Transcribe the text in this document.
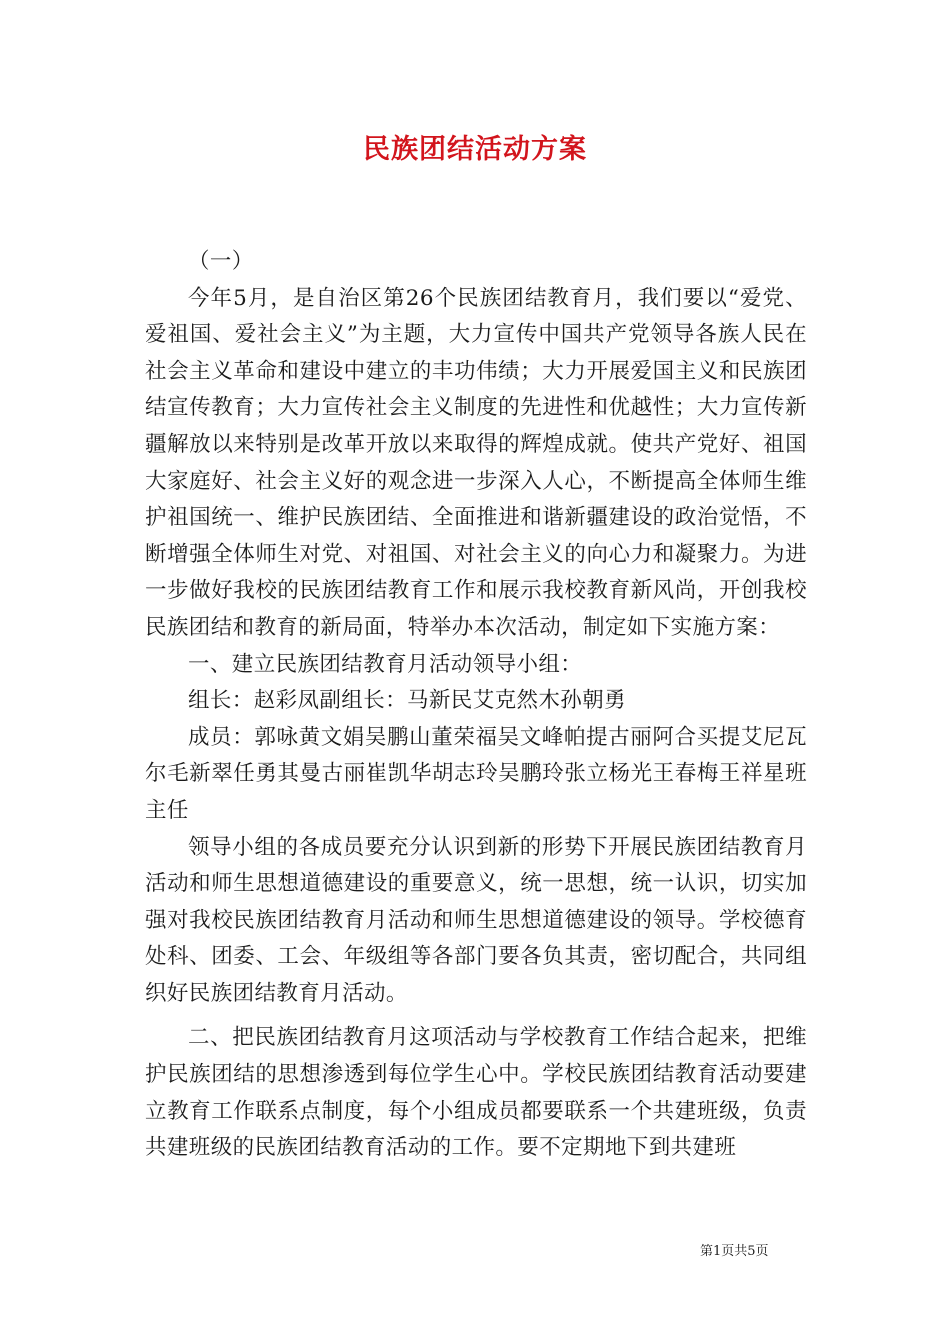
民族团结活动方案

（一）

今年5月，是自治区第26个民族团结教育月，我们要以“爱党、爱祖国、爱社会主义”为主题，大力宣传中国共产党领导各族人民在社会主义革命和建设中建立的丰功伟绩；大力开展爱国主义和民族团结宣传教育；大力宣传社会主义制度的先进性和优越性；大力宣传新疆解放以来特别是改革开放以来取得的辉煌成就。使共产党好、祖国大家庭好、社会主义好的观念进一步深入人心，不断提高全体师生维护祖国统一、维护民族团结、全面推进和谐新疆建设的政治觉悟，不断增强全体师生对党、对祖国、对社会主义的向心力和凝聚力。为进一步做好我校的民族团结教育工作和展示我校教育新风尚，开创我校民族团结和教育的新局面，特举办本次活动，制定如下实施方案：

一、建立民族团结教育月活动领导小组：

组长：赵彩凤副组长：马新民艾克然木孙朝勇

成员：郭咏黄文娟吴鹏山董荣福吴文峰帕提古丽阿合买提艾尼瓦尔毛新翠任勇其曼古丽崔凯华胡志玲吴鹏玲张立杨光王春梅王祥星班主任

领导小组的各成员要充分认识到新的形势下开展民族团结教育月活动和师生思想道德建设的重要意义，统一思想，统一认识，切实加强对我校民族团结教育月活动和师生思想道德建设的领导。学校德育处科、团委、工会、年级组等各部门要各负其责，密切配合，共同组织好民族团结教育月活动。

二、把民族团结教育月这项活动与学校教育工作结合起来，把维护民族团结的思想渗透到每位学生心中。学校民族团结教育活动要建立教育工作联系点制度，每个小组成员都要联系一个共建班级，负责共建班级的民族团结教育活动的工作。要不定期地下到共建班

第1页共5页
